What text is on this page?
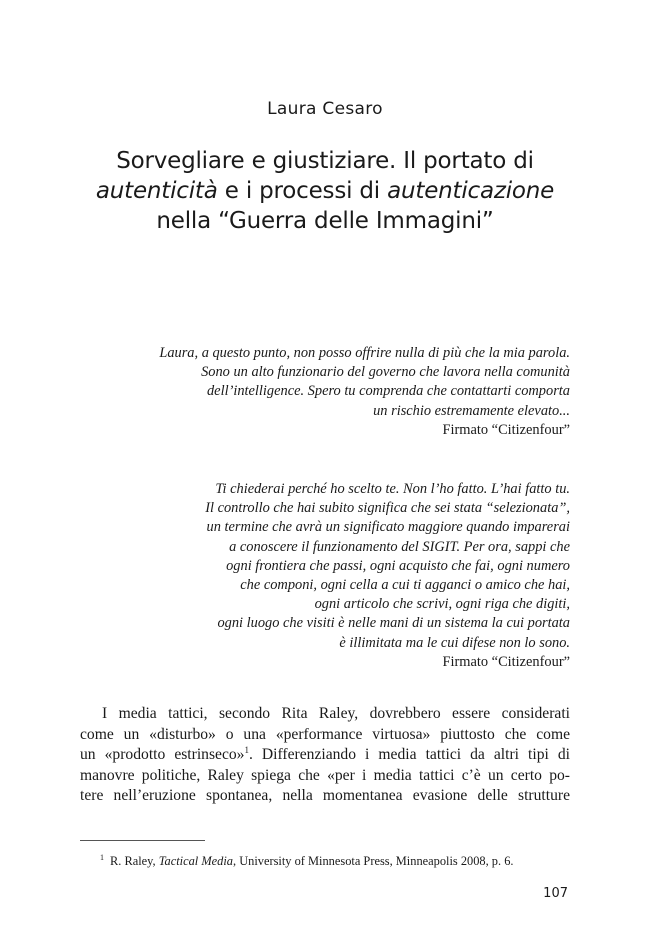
Laura Cesaro
Sorvegliare e giustiziare. Il portato di
autenticità e i processi di autenticazione
nella “Guerra delle Immagini”
Laura, a questo punto, non posso offrire nulla di più che la mia parola.
Sono un alto funzionario del governo che lavora nella comunità
dell’intelligence. Spero tu comprenda che contattarti comporta
un rischio estremamente elevato...
Firmato “Citizenfour”
Ti chiederai perché ho scelto te. Non l’ho fatto. L’hai fatto tu.
Il controllo che hai subito significa che sei stata “selezionata”,
un termine che avrà un significato maggiore quando imparerai
a conoscere il funzionamento del SIGIT. Per ora, sappi che
ogni frontiera che passi, ogni acquisto che fai, ogni numero
che componi, ogni cella a cui ti agganci o amico che hai,
ogni articolo che scrivi, ogni riga che digiti,
ogni luogo che visiti è nelle mani di un sistema la cui portata
è illimitata ma le cui difese non lo sono.
Firmato “Citizenfour”
I media tattici, secondo Rita Raley, dovrebbero essere considerati
come un «disturbo» o una «performance virtuosa» piuttosto che come
un «prodotto estrinseco»$^1$. Differenziando i media tattici da altri tipi di
manovre politiche, Raley spiega che «per i media tattici c’è un certo po-
tere nell’eruzione spontanea, nella momentanea evasione delle strutture
$^1$ R. Raley, Tactical Media, University of Minnesota Press, Minneapolis 2008, p. 6.
107
